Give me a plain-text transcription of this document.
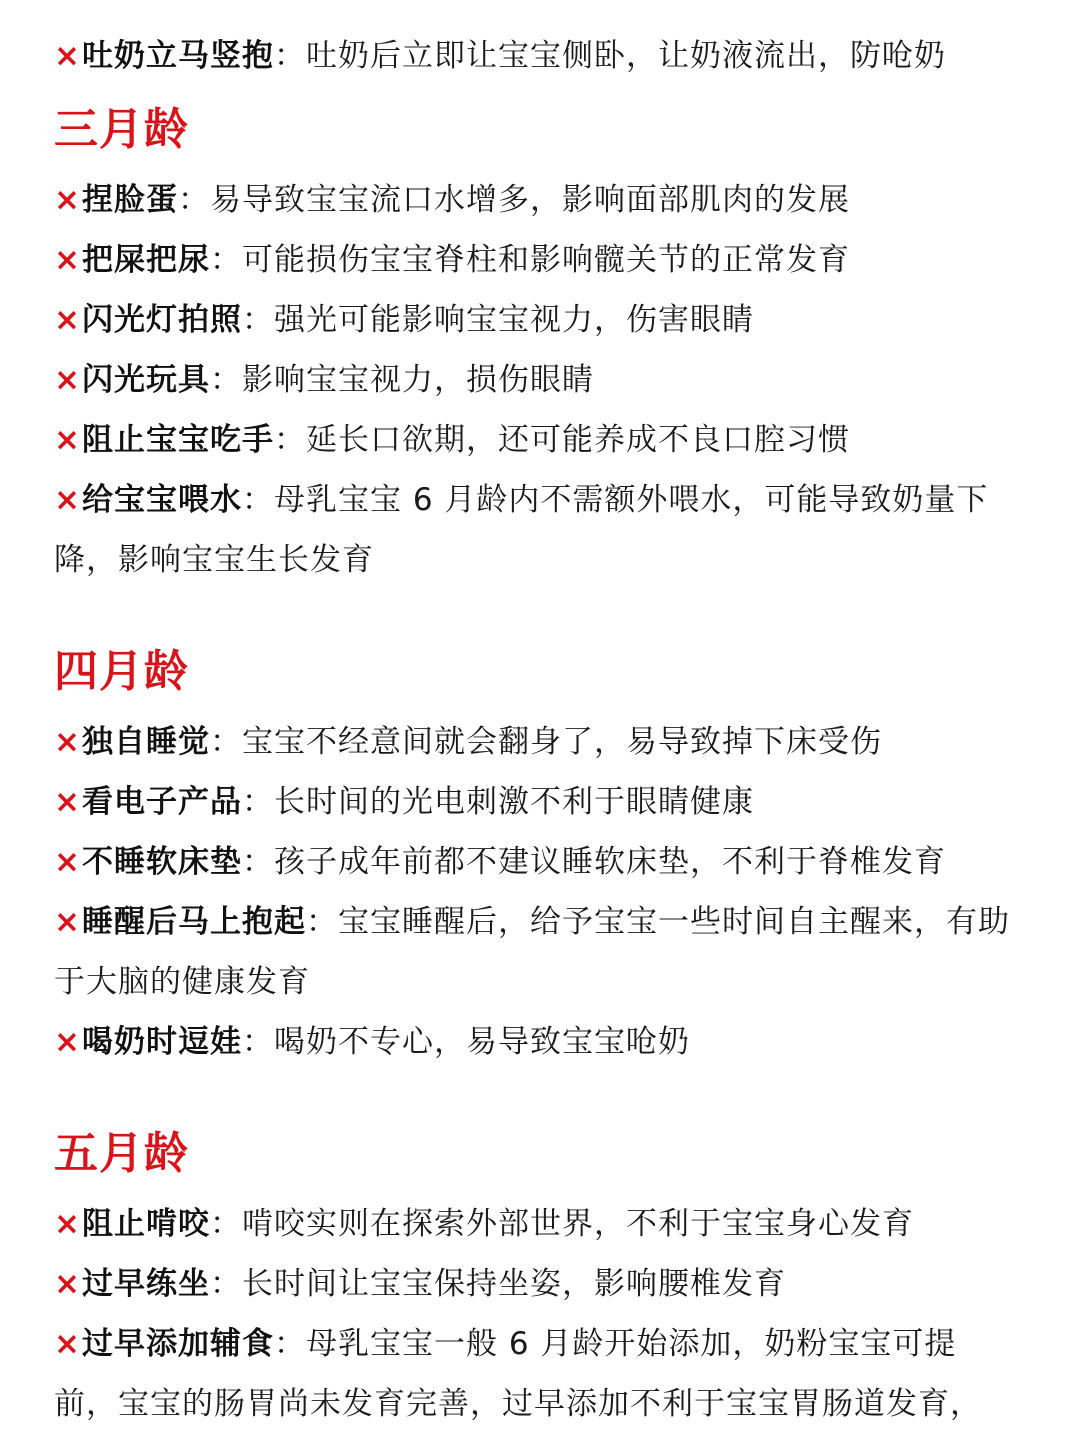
×吐奶立马竖抱：吐奶后立即让宝宝侧卧，让奶液流出，防呛奶

三月龄

×捏脸蛋：易导致宝宝流口水增多，影响面部肌肉的发展

×把屎把尿：可能损伤宝宝脊柱和影响髋关节的正常发育

×闪光灯拍照：强光可能影响宝宝视力，伤害眼睛

×闪光玩具：影响宝宝视力，损伤眼睛

×阻止宝宝吃手：延长口欲期，还可能养成不良口腔习惯

×给宝宝喂水：母乳宝宝 6 月龄内不需额外喂水，可能导致奶量下降，影响宝宝生长发育

四月龄

×独自睡觉：宝宝不经意间就会翻身了，易导致掉下床受伤

×看电子产品：长时间的光电刺激不利于眼睛健康

×不睡软床垫：孩子成年前都不建议睡软床垫，不利于脊椎发育

×睡醒后马上抱起：宝宝睡醒后，给予宝宝一些时间自主醒来，有助于大脑的健康发育

×喝奶时逗娃：喝奶不专心，易导致宝宝呛奶

五月龄

×阻止啃咬：啃咬实则在探索外部世界，不利于宝宝身心发育

×过早练坐：长时间让宝宝保持坐姿，影响腰椎发育

×过早添加辅食：母乳宝宝一般 6 月龄开始添加，奶粉宝宝可提前，宝宝的肠胃尚未发育完善，过早添加不利于宝宝胃肠道发育，
